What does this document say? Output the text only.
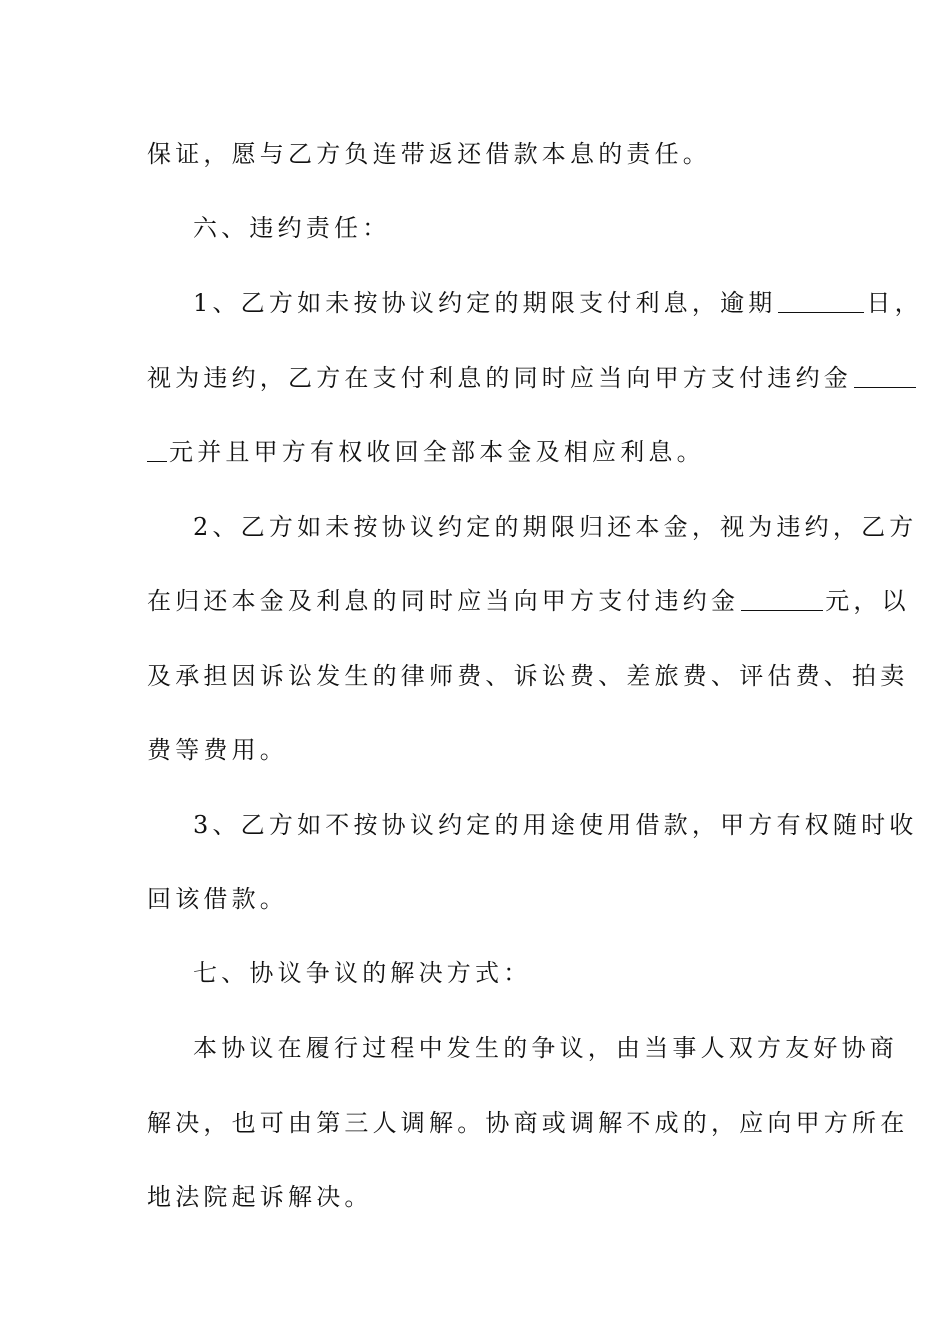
保证，愿与乙方负连带返还借款本息的责任。
六、违约责任：
1、乙方如未按协议约定的期限支付利息，逾期	日，
视为违约，乙方在支付利息的同时应当向甲方支付违约金
元并且甲方有权收回全部本金及相应利息。
2、乙方如未按协议约定的期限归还本金，视为违约，乙方
在归还本金及利息的同时应当向甲方支付违约金	元，以
及承担因诉讼发生的律师费、诉讼费、差旅费、评估费、拍卖
费等费用。
3、乙方如不按协议约定的用途使用借款，甲方有权随时收
回该借款。
七、协议争议的解决方式：
本协议在履行过程中发生的争议，由当事人双方友好协商
解决，也可由第三人调解。协商或调解不成的，应向甲方所在
地法院起诉解决。
